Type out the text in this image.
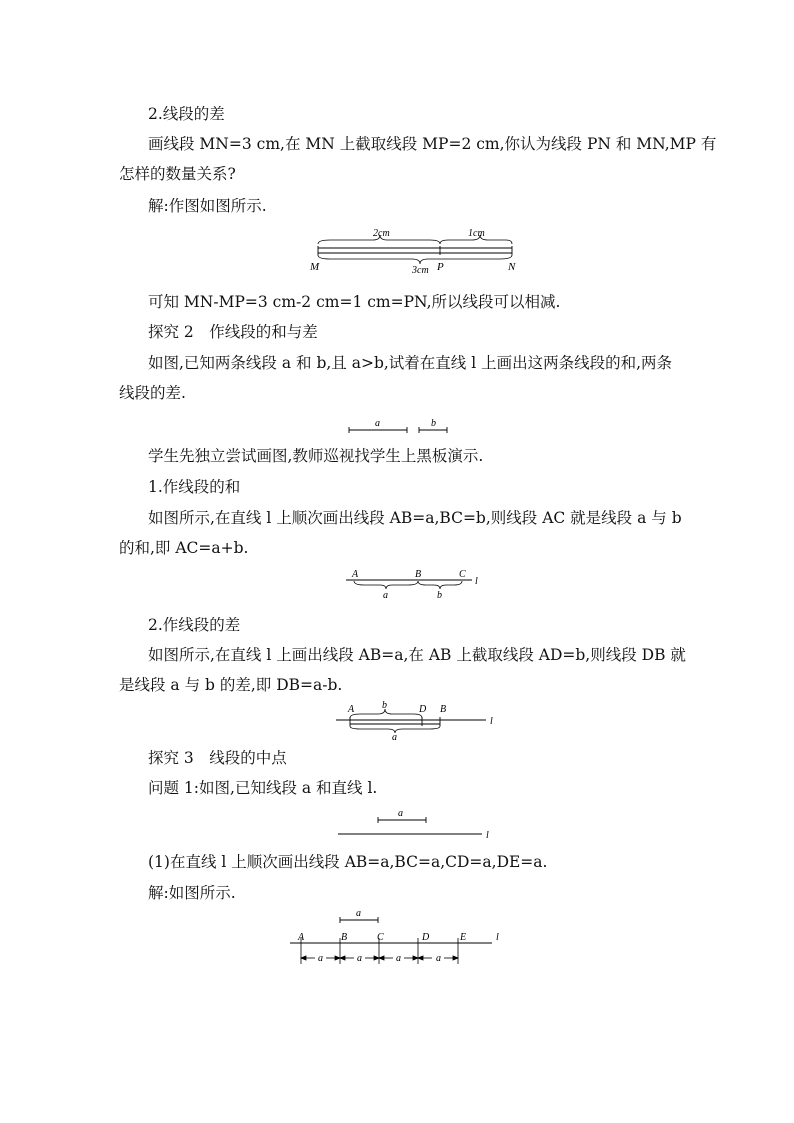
2.线段的差
画线段 MN=3 cm,在 MN 上截取线段 MP=2 cm,你认为线段 PN 和 MN,MP 有
怎样的数量关系?
解:作图如图所示.
2cm	1cm
3cm
M	P	N
可知 MN-MP=3 cm-2 cm=1 cm=PN,所以线段可以相减.
探究 2　作线段的和与差
如图,已知两条线段 a 和 b,且 a>b,试着在直线 l 上画出这两条线段的和,两条
线段的差.
a	b
学生先独立尝试画图,教师巡视找学生上黑板演示.
1.作线段的和
如图所示,在直线 l 上顺次画出线段 AB=a,BC=b,则线段 AC 就是线段 a 与 b
的和,即 AC=a+b.
A	B	C
l
a	b
2.作线段的差
如图所示,在直线 l 上画出线段 AB=a,在 AB 上截取线段 AD=b,则线段 DB 就
是线段 a 与 b 的差,即 DB=a-b.
A	b	D B
l
a
探究 3　线段的中点
问题 1:如图,已知线段 a 和直线 l.
a
l
(1)在直线 l 上顺次画出线段 AB=a,BC=a,CD=a,DE=a.
解:如图所示.
a
A	B	C	D	E	l
a	a	a	a
